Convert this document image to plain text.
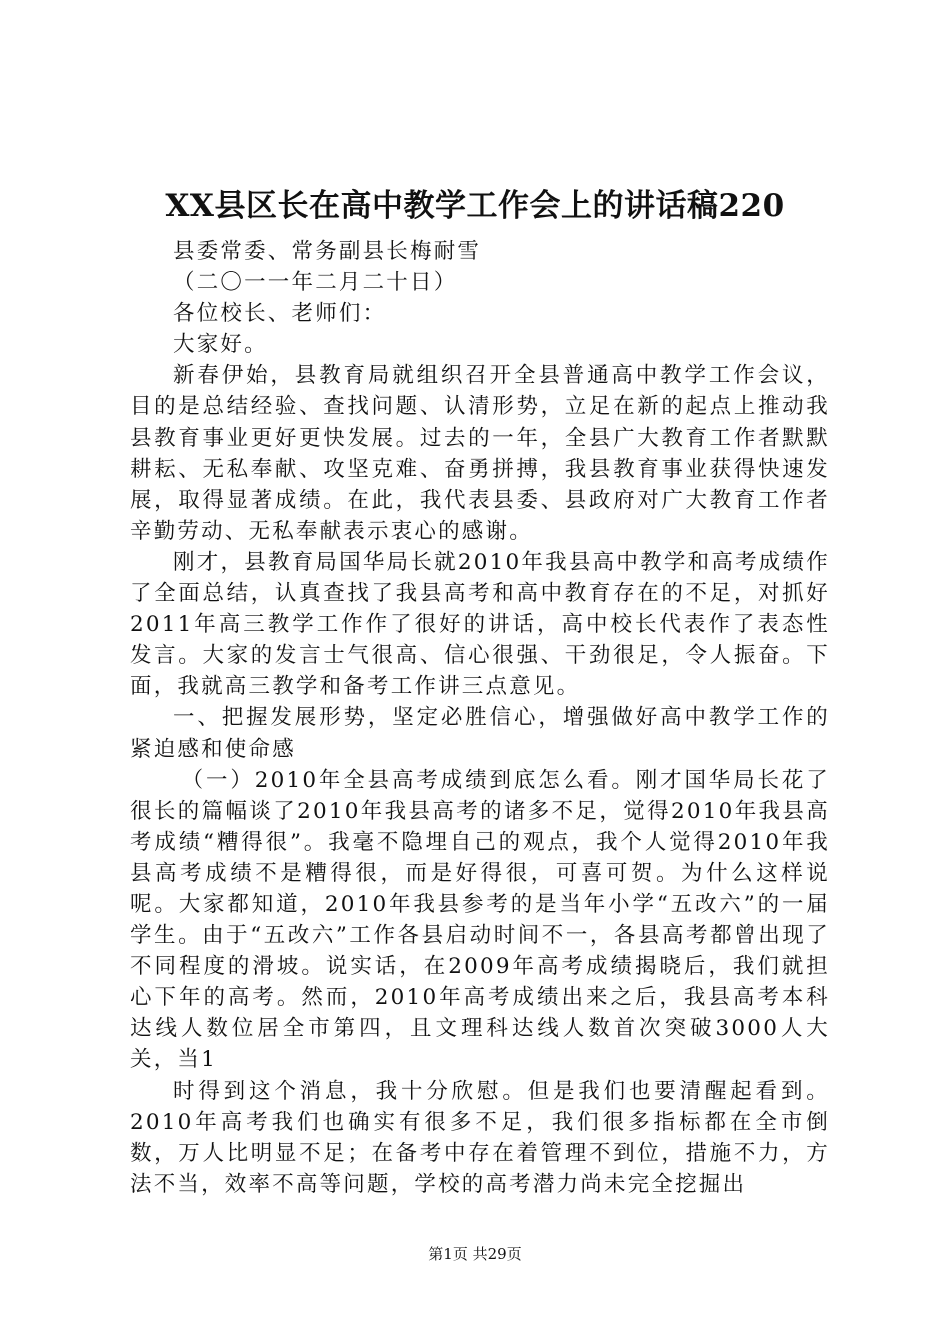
XX县区长在高中教学工作会上的讲话稿220

县委常委、常务副县长梅耐雪

（二〇一一年二月二十日）

各位校长、老师们：

大家好。

新春伊始，县教育局就组织召开全县普通高中教学工作会议，目的是总结经验、查找问题、认清形势，立足在新的起点上推动我县教育事业更好更快发展。过去的一年，全县广大教育工作者默默耕耘、无私奉献、攻坚克难、奋勇拼搏，我县教育事业获得快速发展，取得显著成绩。在此，我代表县委、县政府对广大教育工作者辛勤劳动、无私奉献表示衷心的感谢。

刚才，县教育局国华局长就2010年我县高中教学和高考成绩作了全面总结，认真查找了我县高考和高中教育存在的不足，对抓好2011年高三教学工作作了很好的讲话，高中校长代表作了表态性发言。大家的发言士气很高、信心很强、干劲很足，令人振奋。下面，我就高三教学和备考工作讲三点意见。

一、把握发展形势，坚定必胜信心，增强做好高中教学工作的紧迫感和使命感

（一）2010年全县高考成绩到底怎么看。刚才国华局长花了很长的篇幅谈了2010年我县高考的诸多不足，觉得2010年我县高考成绩“糟得很”。我毫不隐埋自己的观点，我个人觉得2010年我县高考成绩不是糟得很，而是好得很，可喜可贺。为什么这样说呢。大家都知道，2010年我县参考的是当年小学“五改六”的一届学生。由于“五改六”工作各县启动时间不一，各县高考都曾出现了不同程度的滑坡。说实话，在2009年高考成绩揭晓后，我们就担心下年的高考。然而，2010年高考成绩出来之后，我县高考本科达线人数位居全市第四，且文理科达线人数首次突破3000人大关，当1

时得到这个消息，我十分欣慰。但是我们也要清醒起看到。2010年高考我们也确实有很多不足，我们很多指标都在全市倒数，万人比明显不足；在备考中存在着管理不到位，措施不力，方法不当，效率不高等问题，学校的高考潜力尚未完全挖掘出

第1页 共29页
